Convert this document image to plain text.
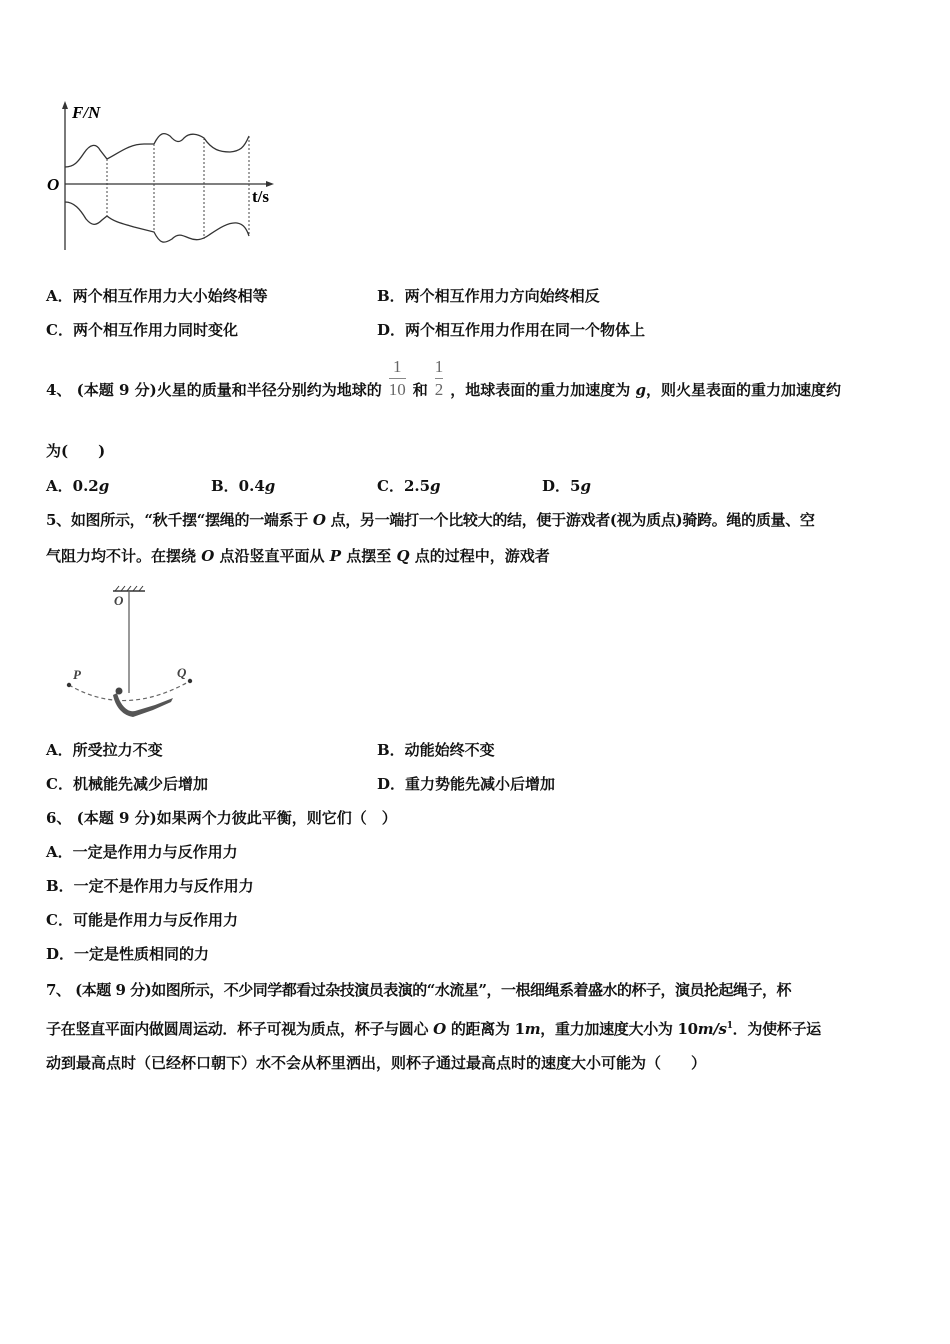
F/N
O
t/s
A．两个相互作用力大小始终相等	B．两个相互作用力方向始终相反
C．两个相互作用力同时变化	D．两个相互作用力作用在同一个物体上
4、 (本题 9 分)火星的质量和半径分别约为地球的 $\frac{1}{10}$ 和 $\frac{1}{2}$ ，地球表面的重力加速度为 g，则火星表面的重力加速度约
为(　　)
A．0.2g	B．0.4g	C．2.5g	D．5g
5、如图所示，“秋千摆“摆绳的一端系于 O 点，另一端打一个比较大的结，便于游戏者(视为质点)骑跨。绳的质量、空
气阻力均不计。在摆绕 O 点沿竖直平面从 P 点摆至 Q 点的过程中，游戏者
O
P	Q
A．所受拉力不变	B．动能始终不变
C．机械能先减少后增加	D．重力势能先减小后增加
6、 (本题 9 分)如果两个力彼此平衡，则它们（　）
A．一定是作用力与反作用力
B．一定不是作用力与反作用力
C．可能是作用力与反作用力
D．一定是性质相同的力
7、 (本题 9 分)如图所示，不少同学都看过杂技演员表演的“水流星”，一根细绳系着盛水的杯子，演员抡起绳子，杯
子在竖直平面内做圆周运动．杯子可视为质点，杯子与圆心 O 的距离为 1m，重力加速度大小为 $10m/s^1$．为使杯子运
动到最高点时（已经杯口朝下）水不会从杯里洒出，则杯子通过最高点时的速度大小可能为（　　）
